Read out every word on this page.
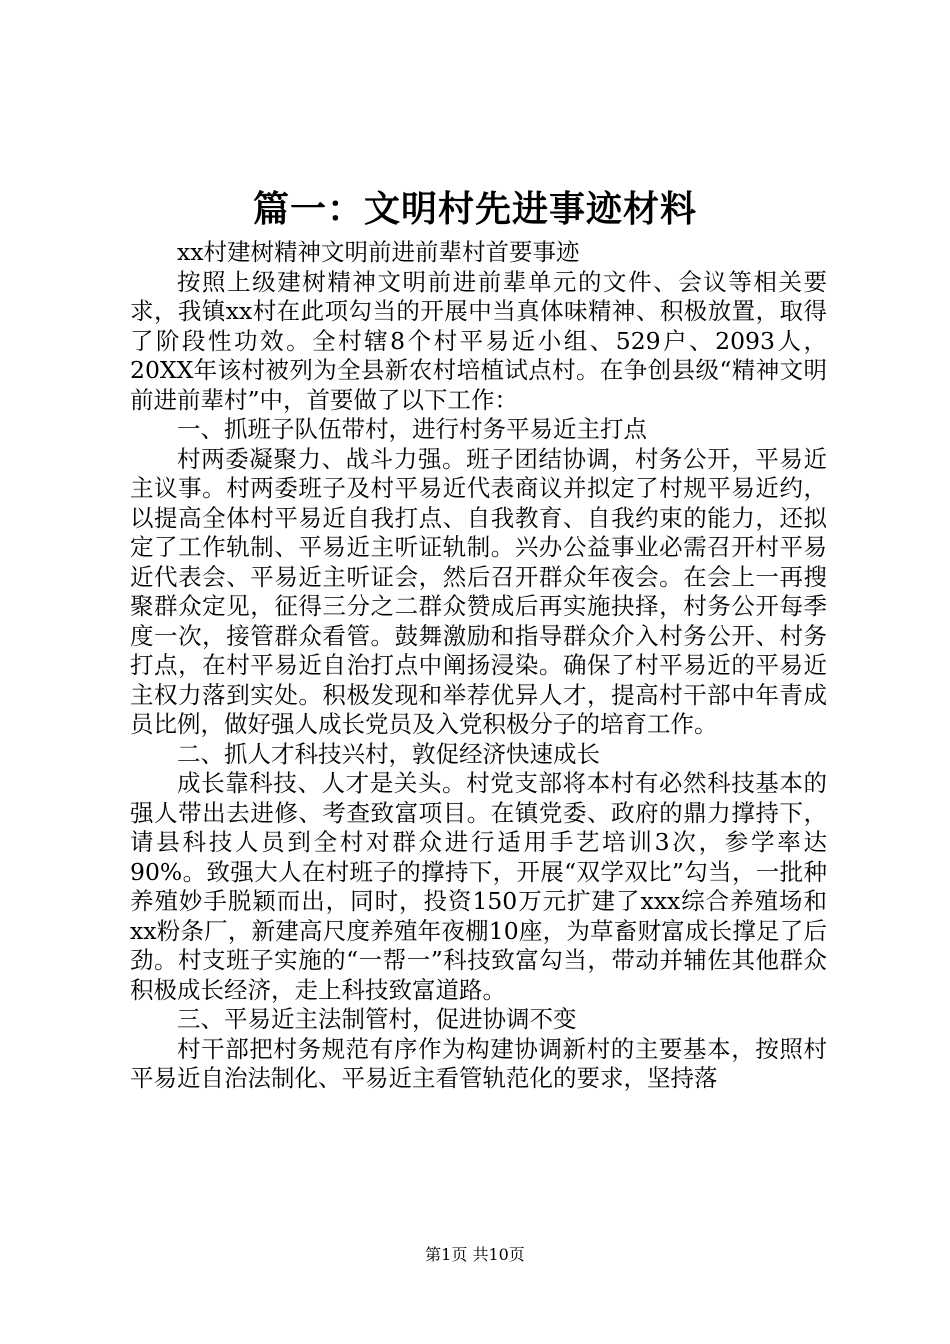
篇一：文明村先进事迹材料

xx村建树精神文明前进前辈村首要事迹

按照上级建树精神文明前进前辈单元的文件、会议等相关要求，我镇xx村在此项勾当的开展中当真体味精神、积极放置，取得了阶段性功效。全村辖8个村平易近小组、529户、2093人，20XX年该村被列为全县新农村培植试点村。在争创县级“精神文明前进前辈村”中，首要做了以下工作：

一、抓班子队伍带村，进行村务平易近主打点

村两委凝聚力、战斗力强。班子团结协调，村务公开，平易近主议事。村两委班子及村平易近代表商议并拟定了村规平易近约，以提高全体村平易近自我打点、自我教育、自我约束的能力，还拟定了工作轨制、平易近主听证轨制。兴办公益事业必需召开村平易近代表会、平易近主听证会，然后召开群众年夜会。在会上一再搜聚群众定见，征得三分之二群众赞成后再实施抉择，村务公开每季度一次，接管群众看管。鼓舞激励和指导群众介入村务公开、村务打点，在村平易近自治打点中阐扬浸染。确保了村平易近的平易近主权力落到实处。积极发现和举荐优异人才，提高村干部中年青成员比例，做好强人成长党员及入党积极分子的培育工作。

二、抓人才科技兴村，敦促经济快速成长

成长靠科技、人才是关头。村党支部将本村有必然科技基本的强人带出去进修、考查致富项目。在镇党委、政府的鼎力撑持下，请县科技人员到全村对群众进行适用手艺培训3次，参学率达90%。致强大人在村班子的撑持下，开展“双学双比”勾当，一批种养殖妙手脱颖而出，同时，投资150万元扩建了xxx综合养殖场和xx粉条厂，新建高尺度养殖年夜棚10座，为草畜财富成长撑足了后劲。村支班子实施的“一帮一”科技致富勾当，带动并辅佐其他群众积极成长经济，走上科技致富道路。

三、平易近主法制管村，促进协调不变

村干部把村务规范有序作为构建协调新村的主要基本，按照村平易近自治法制化、平易近主看管轨范化的要求，坚持落

第1页 共10页
